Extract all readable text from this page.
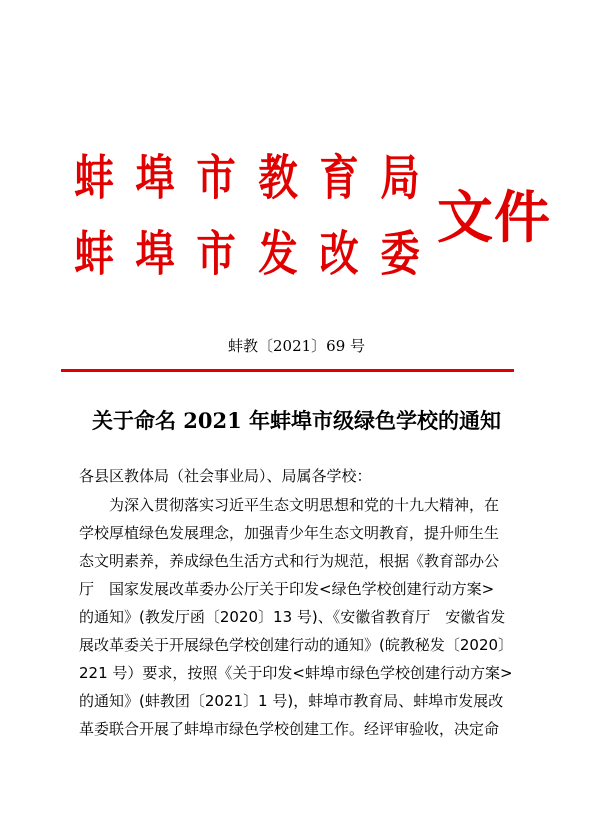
蚌 埠 市 教 育 局
蚌 埠 市 发 改 委
文件
蚌教〔2021〕69 号
关于命名 2021 年蚌埠市级绿色学校的通知
各县区教体局（社会事业局）、局属各学校：
为深入贯彻落实习近平生态文明思想和党的十九大精神，在
学校厚植绿色发展理念，加强青少年生态文明教育，提升师生生
态文明素养，养成绿色生活方式和行为规范，根据《教育部办公
厅　国家发展改革委办公厅关于印发<绿色学校创建行动方案>
的通知》(教发厅函〔2020〕13 号)、《安徽省教育厅　安徽省发
展改革委关于开展绿色学校创建行动的通知》(皖教秘发〔2020〕
221 号）要求，按照《关于印发<蚌埠市绿色学校创建行动方案>
的通知》(蚌教团〔2021〕1 号)，蚌埠市教育局、蚌埠市发展改
革委联合开展了蚌埠市绿色学校创建工作。经评审验收，决定命
